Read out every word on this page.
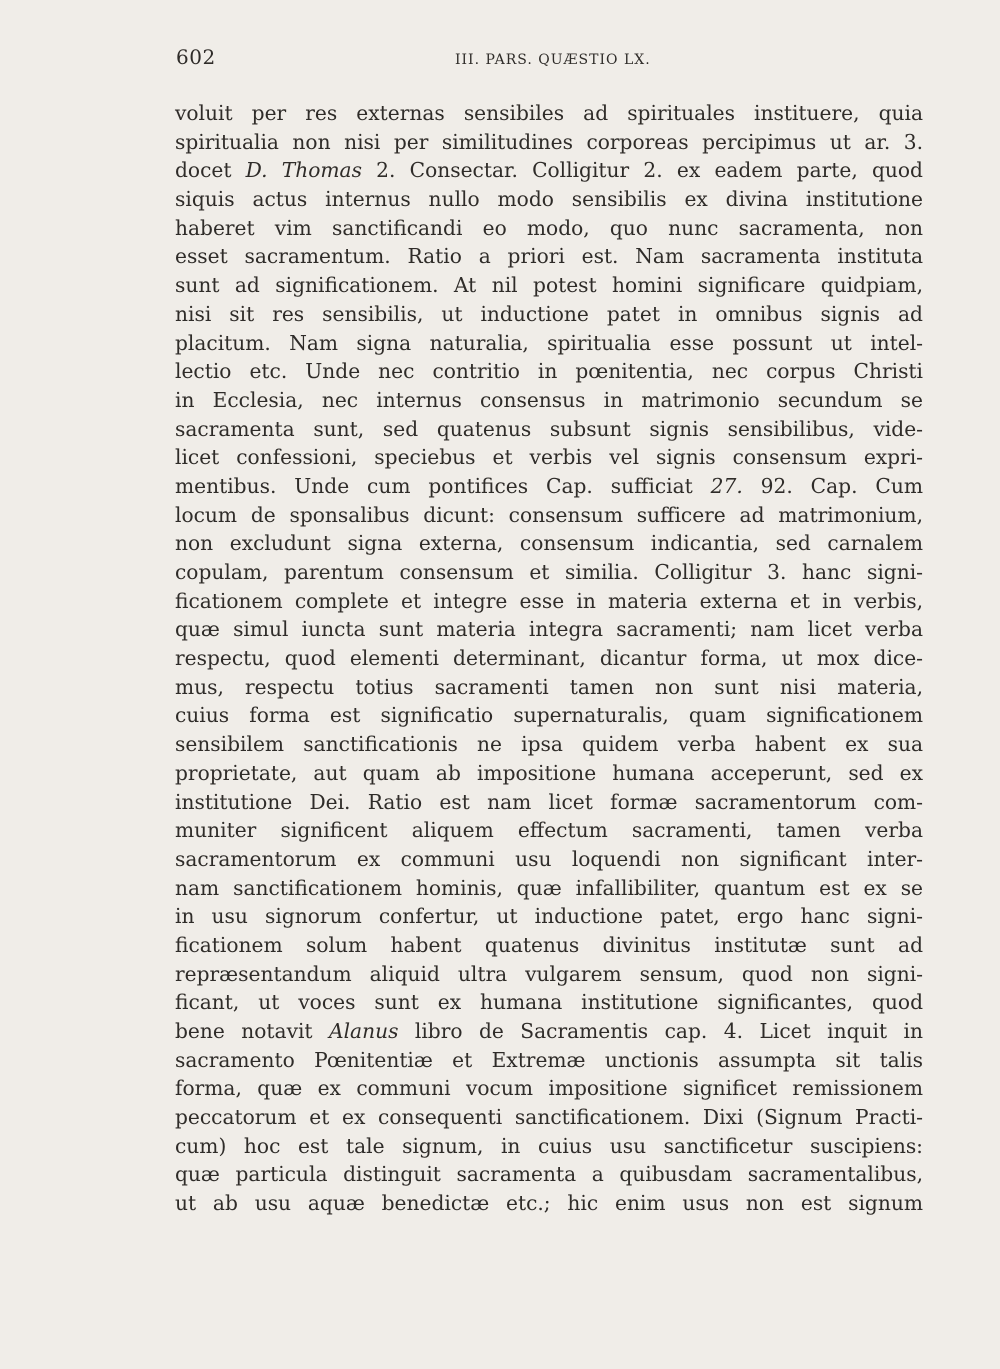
602	III. PARS. QUÆSTIO LX.
voluit per res externas sensibiles ad spirituales instituere, quia
spiritualia non nisi per similitudines corporeas percipimus ut ar. 3.
docet D. Thomas 2. Consectar. Colligitur 2. ex eadem parte, quod
siquis actus internus nullo modo sensibilis ex divina institutione
haberet vim sanctificandi eo modo, quo nunc sacramenta, non
esset sacramentum. Ratio a priori est. Nam sacramenta instituta
sunt ad significationem. At nil potest homini significare quidpiam,
nisi sit res sensibilis, ut inductione patet in omnibus signis ad
placitum. Nam signa naturalia, spiritualia esse possunt ut intel-
lectio etc. Unde nec contritio in pœnitentia, nec corpus Christi
in Ecclesia, nec internus consensus in matrimonio secundum se
sacramenta sunt, sed quatenus subsunt signis sensibilibus, vide-
licet confessioni, speciebus et verbis vel signis consensum expri-
mentibus. Unde cum pontifices Cap. sufficiat 27. 92. Cap. Cum
locum de sponsalibus dicunt: consensum sufficere ad matrimonium,
non excludunt signa externa, consensum indicantia, sed carnalem
copulam, parentum consensum et similia. Colligitur 3. hanc signi-
ficationem complete et integre esse in materia externa et in verbis,
quæ simul iuncta sunt materia integra sacramenti; nam licet verba
respectu, quod elementi determinant, dicantur forma, ut mox dice-
mus, respectu totius sacramenti tamen non sunt nisi materia,
cuius forma est significatio supernaturalis, quam significationem
sensibilem sanctificationis ne ipsa quidem verba habent ex sua
proprietate, aut quam ab impositione humana acceperunt, sed ex
institutione Dei. Ratio est nam licet formæ sacramentorum com-
muniter significent aliquem effectum sacramenti, tamen verba
sacramentorum ex communi usu loquendi non significant inter-
nam sanctificationem hominis, quæ infallibiliter, quantum est ex se
in usu signorum confertur, ut inductione patet, ergo hanc signi-
ficationem solum habent quatenus divinitus institutæ sunt ad
repræsentandum aliquid ultra vulgarem sensum, quod non signi-
ficant, ut voces sunt ex humana institutione significantes, quod
bene notavit Alanus libro de Sacramentis cap. 4. Licet inquit in
sacramento Pœnitentiæ et Extremæ unctionis assumpta sit talis
forma, quæ ex communi vocum impositione significet remissionem
peccatorum et ex consequenti sanctificationem. Dixi (Signum Practi-
cum) hoc est tale signum, in cuius usu sanctificetur suscipiens:
quæ particula distinguit sacramenta a quibusdam sacramentalibus,
ut ab usu aquæ benedictæ etc.; hic enim usus non est signum
